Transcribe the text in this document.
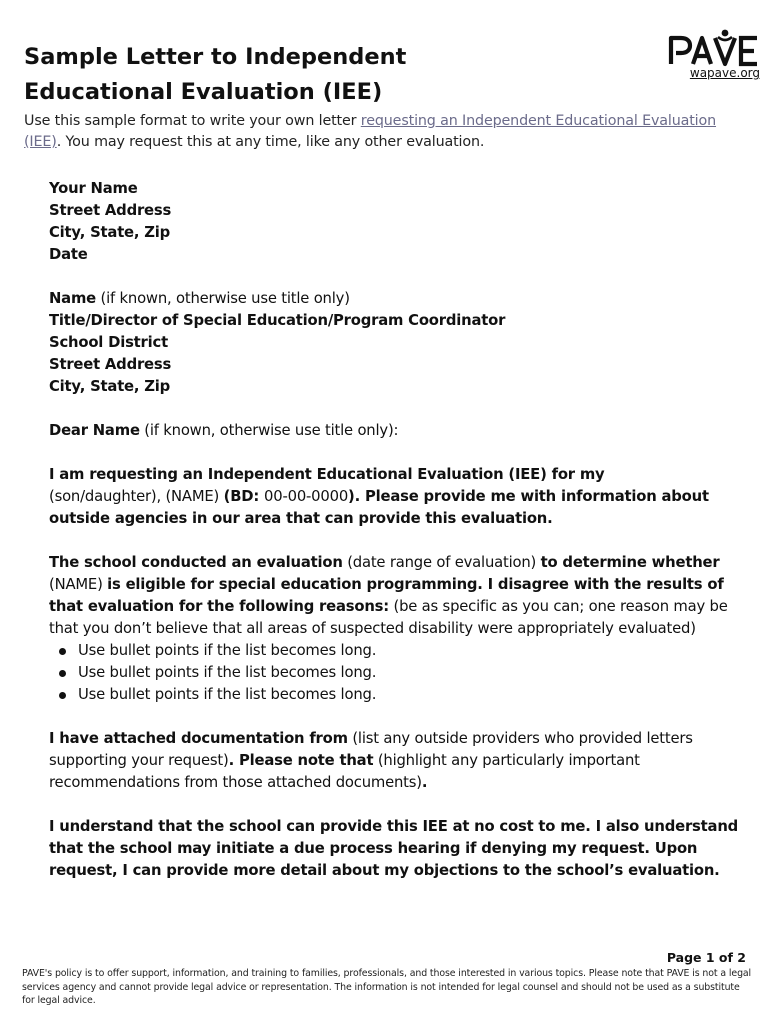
Sample Letter to Independent
Educational Evaluation (IEE)
PAVE
wapave.org
Use this sample format to write your own letter requesting an Independent Educational Evaluation (IEE). You may request this at any time, like any other evaluation.

Your Name
Street Address
City, State, Zip
Date

Name (if known, otherwise use title only)
Title/Director of Special Education/Program Coordinator
School District
Street Address
City, State, Zip

Dear Name (if known, otherwise use title only):

I am requesting an Independent Educational Evaluation (IEE) for my
(son/daughter), (NAME) (BD: 00-00-0000). Please provide me with information about outside agencies in our area that can provide this evaluation.

The school conducted an evaluation (date range of evaluation) to determine whether (NAME) is eligible for special education programming. I disagree with the results of that evaluation for the following reasons: (be as specific as you can; one reason may be that you don’t believe that all areas of suspected disability were appropriately evaluated)

Use bullet points if the list becomes long.
Use bullet points if the list becomes long.
Use bullet points if the list becomes long.

I have attached documentation from (list any outside providers who provided letters supporting your request). Please note that (highlight any particularly important recommendations from those attached documents).

I understand that the school can provide this IEE at no cost to me. I also understand that the school may initiate a due process hearing if denying my request. Upon request, I can provide more detail about my objections to the school’s evaluation.

Page 1 of 2
PAVE's policy is to offer support, information, and training to families, professionals, and those interested in various topics. Please note that PAVE is not a legal services agency and cannot provide legal advice or representation. The information is not intended for legal counsel and should not be used as a substitute for legal advice.
